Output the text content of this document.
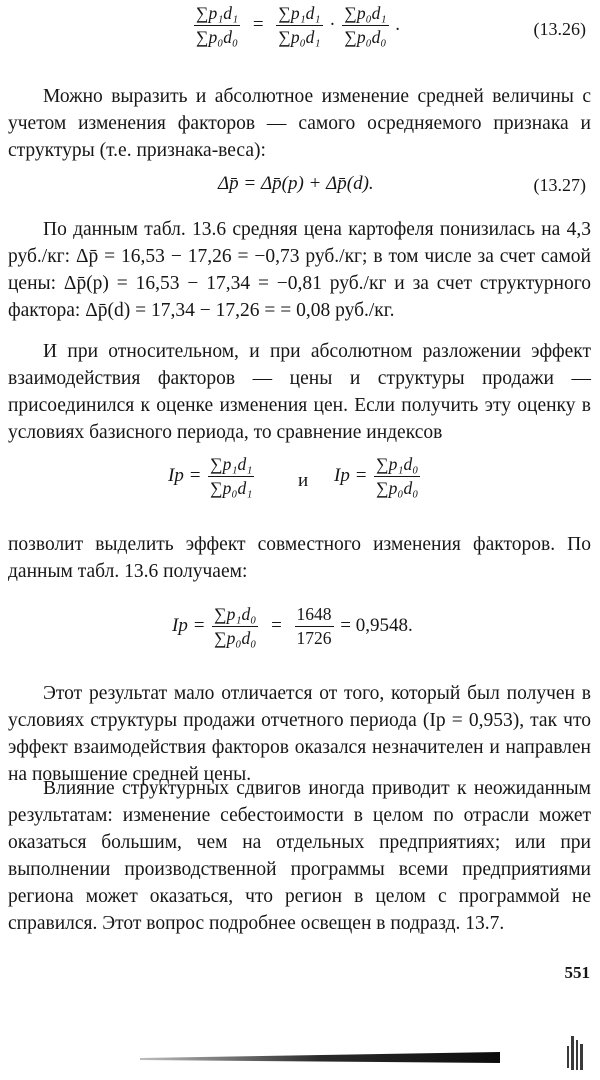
$\frac{\text{∑p₁d₁}}{\text{∑p₀d₀}} = \frac{\text{∑p₁d₁}}{\text{∑p₀d₁}} \cdot \frac{\text{∑p₀d₁}}{\text{∑p₀d₀}}$ .	(13.26)

Можно выразить и абсолютное изменение средней величины с учетом изменения факторов — самого осредняемого признака и структуры (т.е. признака-веса):

Δp̄ = Δp̄(p) + Δp̄(d).	(13.27)

По данным табл. 13.6 средняя цена картофеля понизилась на 4,3 руб./кг: Δp̄ = 16,53 − 17,26 = −0,73 руб./кг; в том числе за счет самой цены: Δp̄(p) = 16,53 − 17,34 = −0,81 руб./кг и за счет структурного фактора: Δp̄(d) = 17,34 − 17,26 = = 0,08 руб./кг.

И при относительном, и при абсолютном разложении эффект взаимодействия факторов — цены и структуры продажи — присоединился к оценке изменения цен. Если получить эту оценку в условиях базисного периода, то сравнение индексов

$Ip = \frac{\text{∑p₁d₁}}{\text{∑p₀d₁}}$ и $Ip = \frac{\text{∑p₁d₀}}{\text{∑p₀d₀}}$

позволит выделить эффект совместного изменения факторов. По данным табл. 13.6 получаем:

$Ip = \frac{\text{∑p₁d₀}}{\text{∑p₀d₀}} = \frac{1648}{1726} = 0,9548$.

Этот результат мало отличается от того, который был получен в условиях структуры продажи отчетного периода (Ip = 0,953), так что эффект взаимодействия факторов оказался незначителен и направлен на повышение средней цены.

Влияние структурных сдвигов иногда приводит к неожиданным результатам: изменение себестоимости в целом по отрасли может оказаться большим, чем на отдельных предприятиях; или при выполнении производственной программы всеми предприятиями региона может оказаться, что регион в целом с программой не справился. Этот вопрос подробнее освещен в подразд. 13.7.

551
